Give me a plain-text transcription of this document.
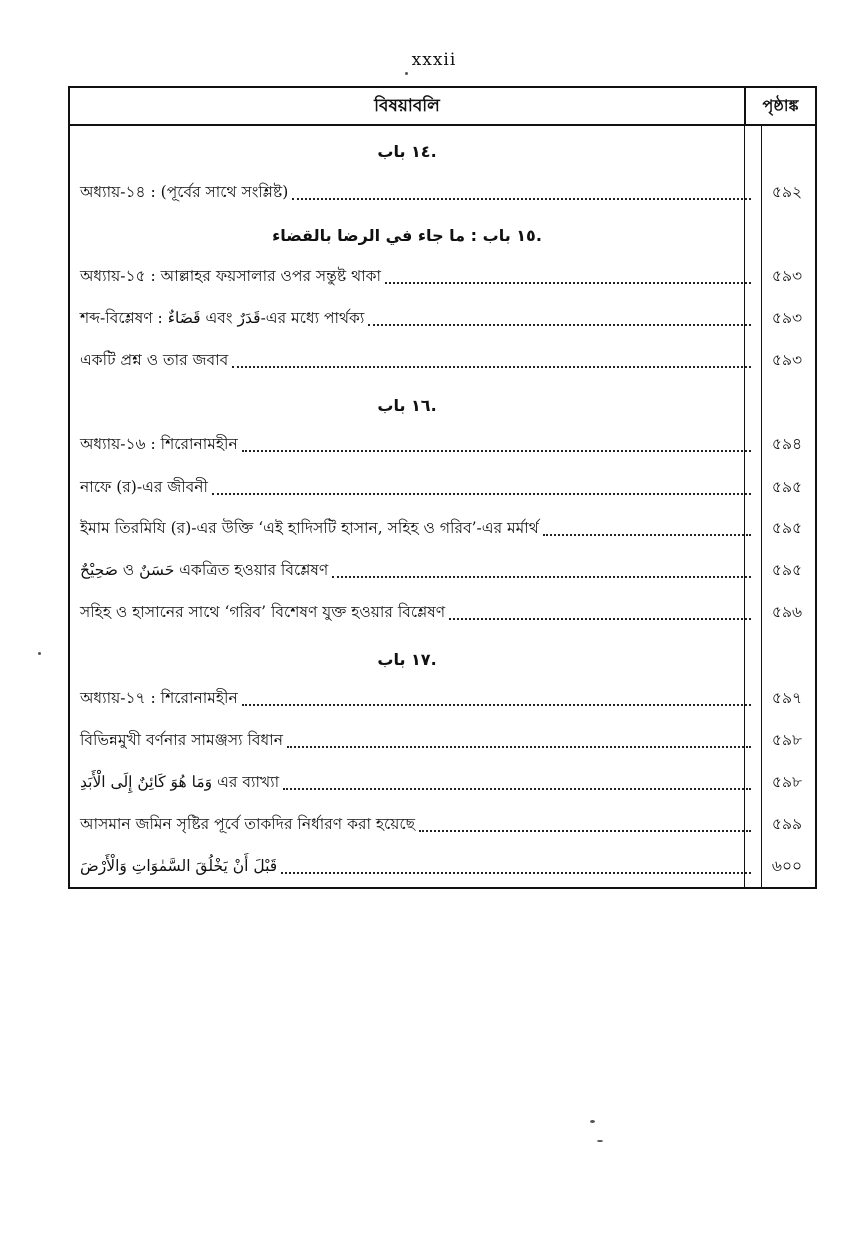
xxxii
বিষয়াবলি	পৃষ্ঠাঙ্ক
.١٤ باب
অধ্যায়-১৪ : (পূর্বের সাথে সংশ্লিষ্ট)	৫৯২
.١٥ باب : ما جاء في الرضا بالقضاء
অধ্যায়-১৫ : আল্লাহর ফয়সালার ওপর সন্তুষ্ট থাকা	৫৯৩
শব্দ-বিশ্লেষণ : قَضَاءٌ এবং قَدَرٌ-এর মধ্যে পার্থক্য	৫৯৩
একটি প্রশ্ন ও তার জবাব	৫৯৩
.١٦ باب
অধ্যায়-১৬ : শিরোনামহীন	৫৯৪
নাফে (র)-এর জীবনী	৫৯৫
ইমাম তিরমিযি (র)-এর উক্তি ‘এই হাদিসটি হাসান, সহিহ ও গরিব’-এর মর্মার্থ	৫৯৫
صَحِيْحٌ ও حَسَنٌ একত্রিত হওয়ার বিশ্লেষণ	৫৯৫
সহিহ ও হাসানের সাথে ‘গরিব’ বিশেষণ যুক্ত হওয়ার বিশ্লেষণ	৫৯৬
.١٧ باب
অধ্যায়-১৭ : শিরোনামহীন	৫৯৭
বিভিন্নমুখী বর্ণনার সামঞ্জস্য বিধান	৫৯৮
وَمَا هُوَ كَائِنٌ إِلَى الْأَبَدِ এর ব্যাখ্যা	৫৯৮
আসমান জমিন সৃষ্টির পূর্বে তাকদির নির্ধারণ করা হয়েছে	৫৯৯
قَبْلَ أَنْ يَخْلُقَ السَّمٰوَاتِ وَالْأَرْضَ	৬০০
